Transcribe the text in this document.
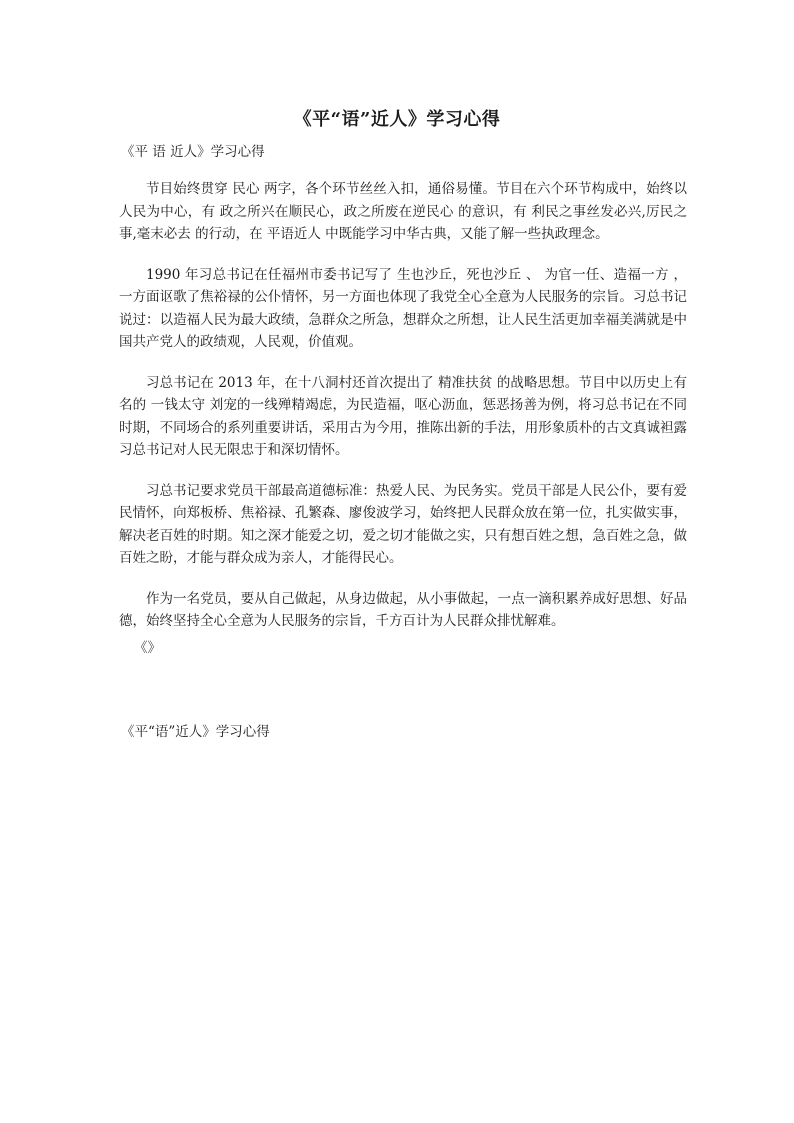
《平“语”近人》学习心得

《平 语 近人》学习心得

节目始终贯穿 民心 两字，各个环节丝丝入扣，通俗易懂。节目在六个环节构成中，始终以人民为中心，有 政之所兴在顺民心，政之所废在逆民心 的意识，有 利民之事丝发必兴,厉民之事,毫末必去 的行动，在 平语近人 中既能学习中华古典，又能了解一些执政理念。

1990 年习总书记在任福州市委书记写了 生也沙丘，死也沙丘 、 为官一任、造福一方 ，一方面讴歌了焦裕禄的公仆情怀，另一方面也体现了我党全心全意为人民服务的宗旨。习总书记说过：以造福人民为最大政绩，急群众之所急，想群众之所想，让人民生活更加幸福美满就是中国共产党人的政绩观，人民观，价值观。

习总书记在 2013 年，在十八洞村还首次提出了 精准扶贫 的战略思想。节目中以历史上有名的 一钱太守 刘宠的一线殚精竭虑，为民造福，呕心沥血，惩恶扬善为例，将习总书记在不同时期，不同场合的系列重要讲话，采用古为今用，推陈出新的手法，用形象质朴的古文真诚袒露习总书记对人民无限忠于和深切情怀。

习总书记要求党员干部最高道德标准：热爱人民、为民务实。党员干部是人民公仆，要有爱民情怀，向郑板桥、焦裕禄、孔繁森、廖俊波学习，始终把人民群众放在第一位，扎实做实事，解决老百姓的时期。知之深才能爱之切，爱之切才能做之实，只有想百姓之想，急百姓之急，做百姓之盼，才能与群众成为亲人，才能得民心。

作为一名党员，要从自己做起，从身边做起，从小事做起，一点一滴积累养成好思想、好品德，始终坚持全心全意为人民服务的宗旨，千方百计为人民群众排忧解难。

《》

《平“语”近人》学习心得
